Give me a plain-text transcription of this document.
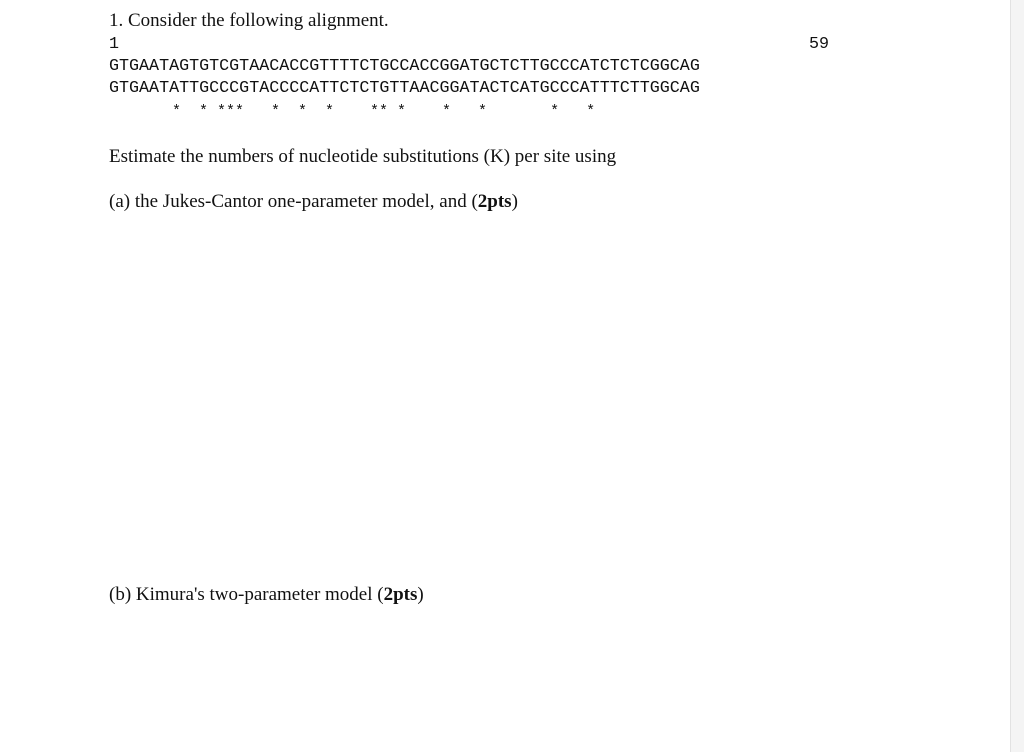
1. Consider the following alignment.
1	59
GTGAATAGTGTCGTAACACCGTTTTCTGCCACCGGATGCTCTTGCCCATCTCTCGGCAG
GTGAATATTGCCCGTACCCCATTCTCTGTTAACGGATACTCATGCCCATTTCTTGGCAG
*  * ***   *  *  *    ** *    *   *       *   *
Estimate the numbers of nucleotide substitutions (K) per site using
(a) the Jukes-Cantor one-parameter model, and (2pts)
(b) Kimura's two-parameter model (2pts)
